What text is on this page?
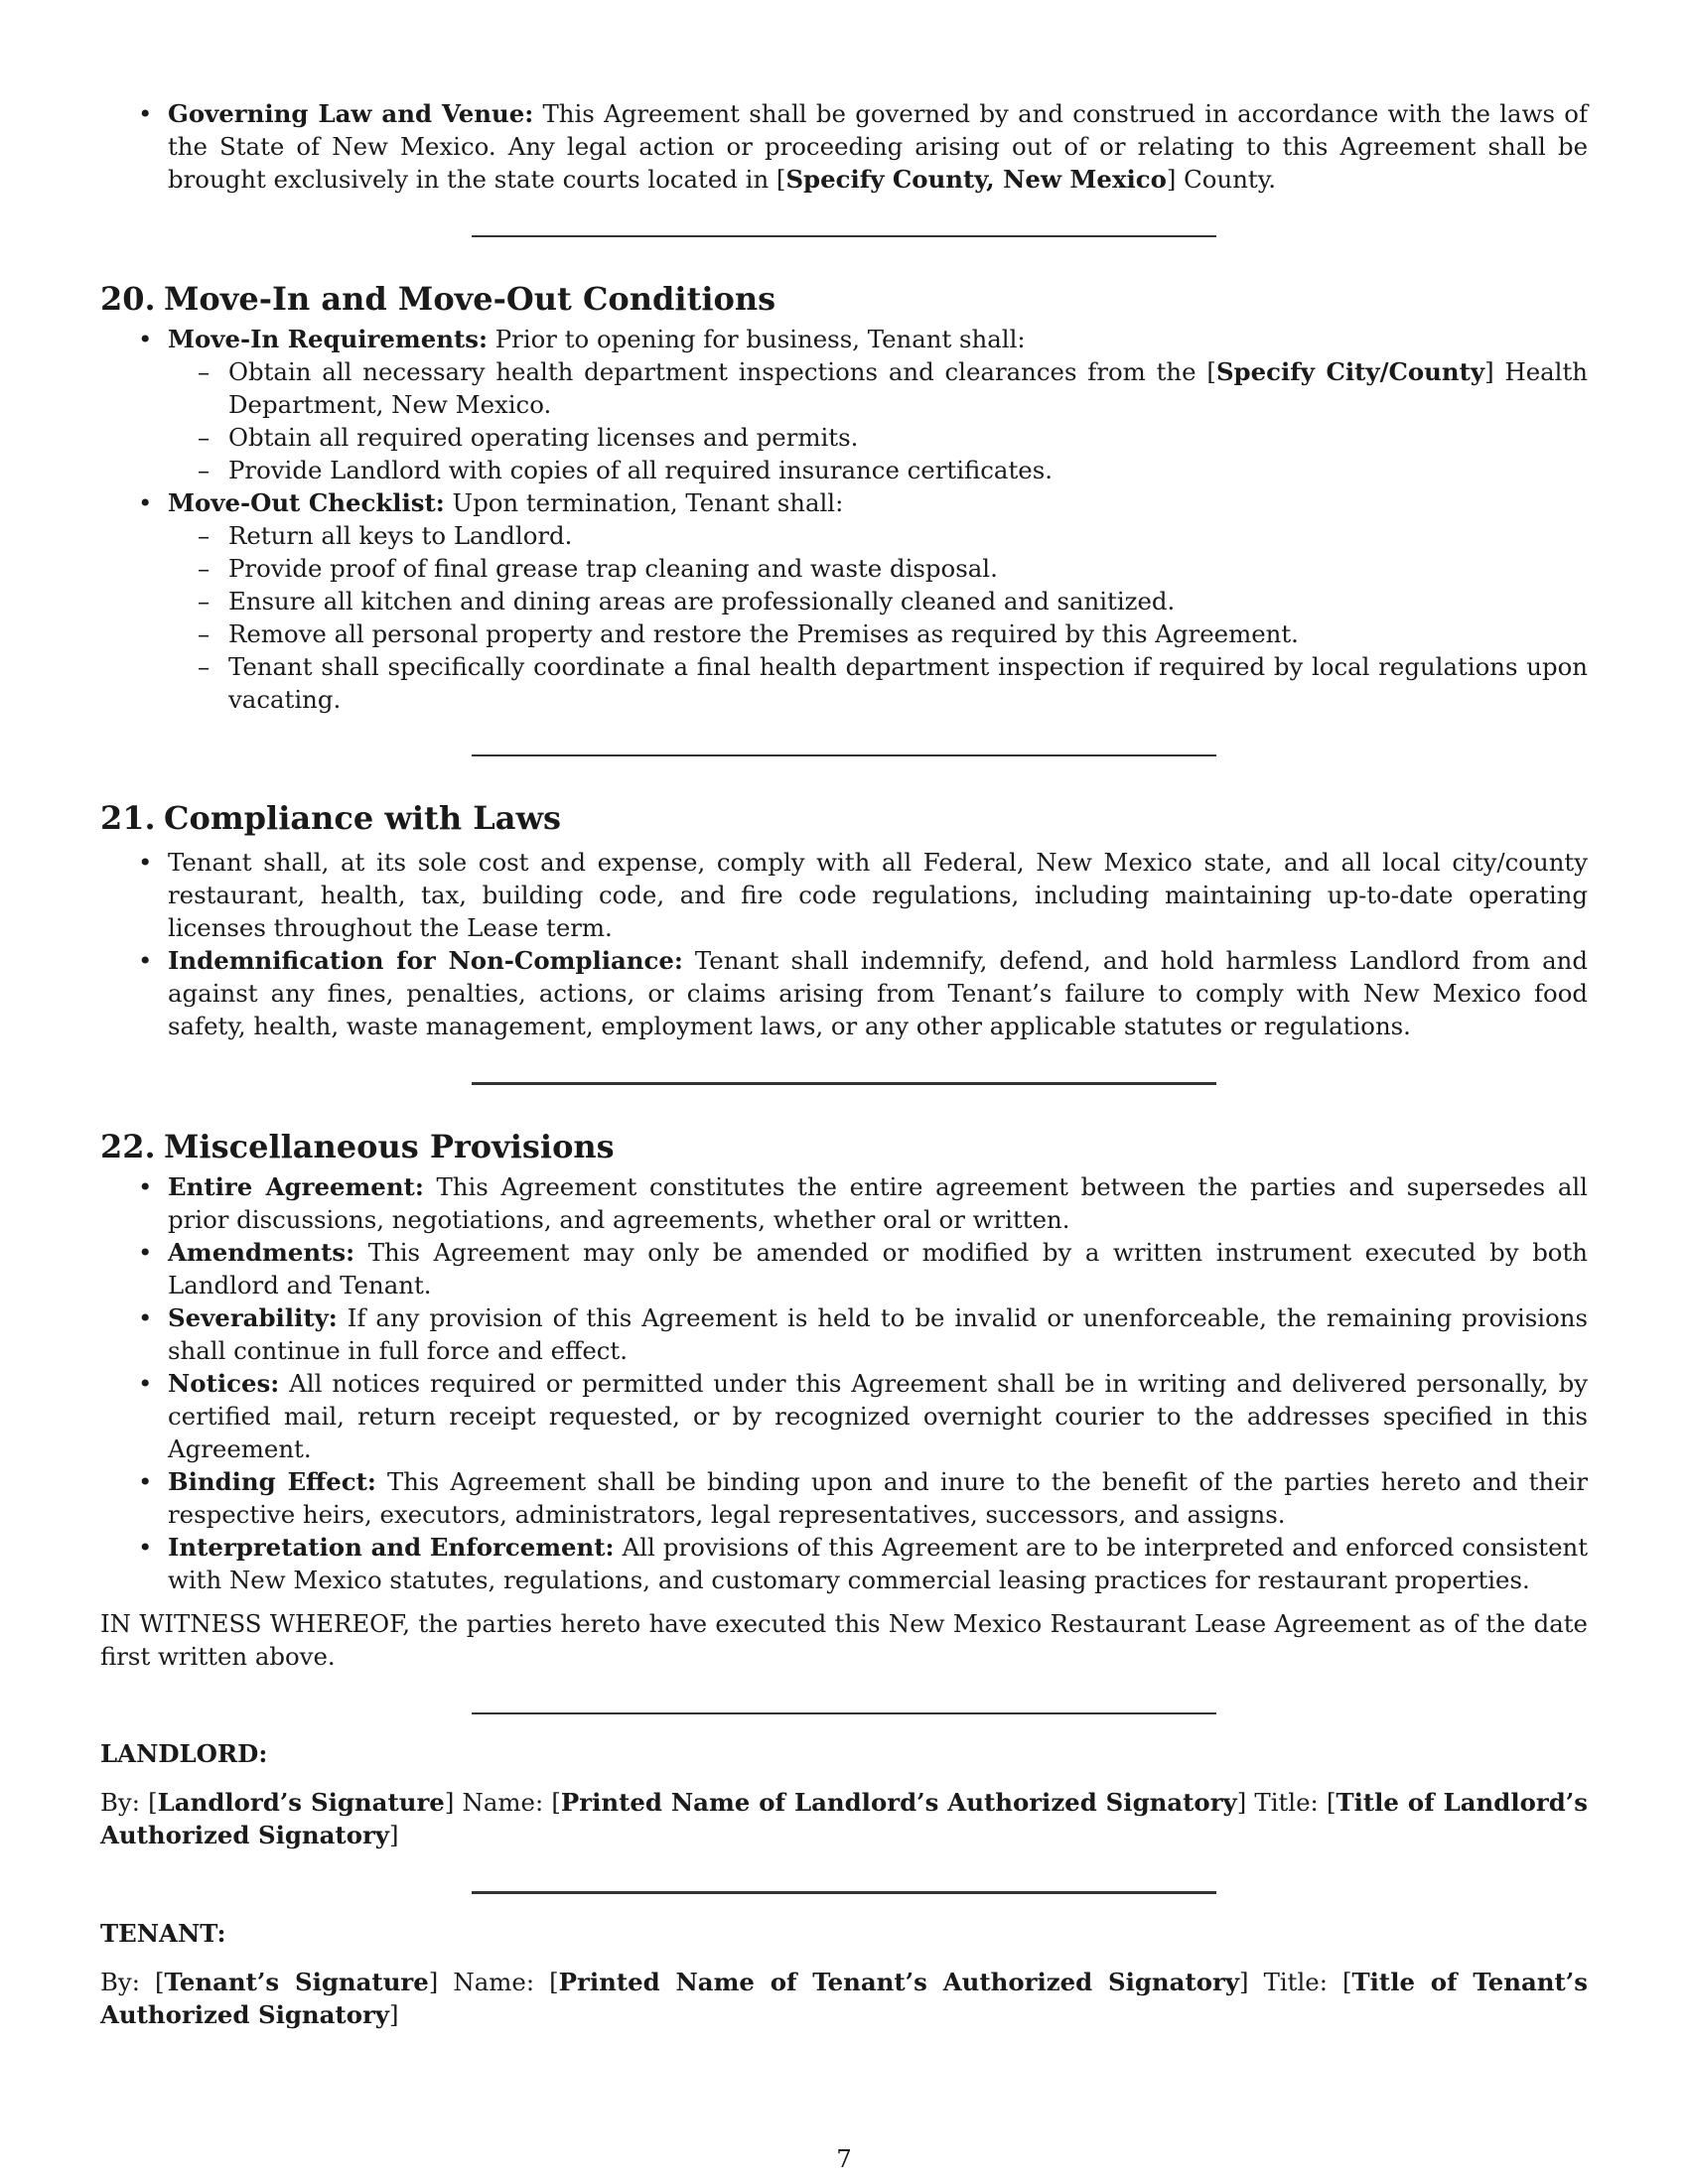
• Governing Law and Venue: This Agreement shall be governed by and construed in accordance with the laws of the State of New Mexico. Any legal action or proceeding arising out of or relating to this Agreement shall be brought exclusively in the state courts located in [Specify County, New Mexico] County.
20. Move-In and Move-Out Conditions
• Move-In Requirements: Prior to opening for business, Tenant shall:
– Obtain all necessary health department inspections and clearances from the [Specify City/County] Health Department, New Mexico.
– Obtain all required operating licenses and permits.
– Provide Landlord with copies of all required insurance certificates.
• Move-Out Checklist: Upon termination, Tenant shall:
– Return all keys to Landlord.
– Provide proof of final grease trap cleaning and waste disposal.
– Ensure all kitchen and dining areas are professionally cleaned and sanitized.
– Remove all personal property and restore the Premises as required by this Agreement.
– Tenant shall specifically coordinate a final health department inspection if required by local regulations upon vacating.
21. Compliance with Laws
• Tenant shall, at its sole cost and expense, comply with all Federal, New Mexico state, and all local city/county restaurant, health, tax, building code, and fire code regulations, including maintaining up-to-date operating licenses throughout the Lease term.
• Indemnification for Non-Compliance: Tenant shall indemnify, defend, and hold harmless Landlord from and against any fines, penalties, actions, or claims arising from Tenant’s failure to comply with New Mexico food safety, health, waste management, employment laws, or any other applicable statutes or regulations.
22. Miscellaneous Provisions
• Entire Agreement: This Agreement constitutes the entire agreement between the parties and supersedes all prior discussions, negotiations, and agreements, whether oral or written.
• Amendments: This Agreement may only be amended or modified by a written instrument executed by both Landlord and Tenant.
• Severability: If any provision of this Agreement is held to be invalid or unenforceable, the remaining provisions shall continue in full force and effect.
• Notices: All notices required or permitted under this Agreement shall be in writing and delivered personally, by certified mail, return receipt requested, or by recognized overnight courier to the addresses specified in this Agreement.
• Binding Effect: This Agreement shall be binding upon and inure to the benefit of the parties hereto and their respective heirs, executors, administrators, legal representatives, successors, and assigns.
• Interpretation and Enforcement: All provisions of this Agreement are to be interpreted and enforced consistent with New Mexico statutes, regulations, and customary commercial leasing practices for restaurant properties.

IN WITNESS WHEREOF, the parties hereto have executed this New Mexico Restaurant Lease Agreement as of the date first written above.

LANDLORD:

By: [Landlord’s Signature] Name: [Printed Name of Landlord’s Authorized Signatory] Title: [Title of Landlord’s Authorized Signatory]

TENANT:

By: [Tenant’s Signature] Name: [Printed Name of Tenant’s Authorized Signatory] Title: [Title of Tenant’s Authorized Signatory]

7
